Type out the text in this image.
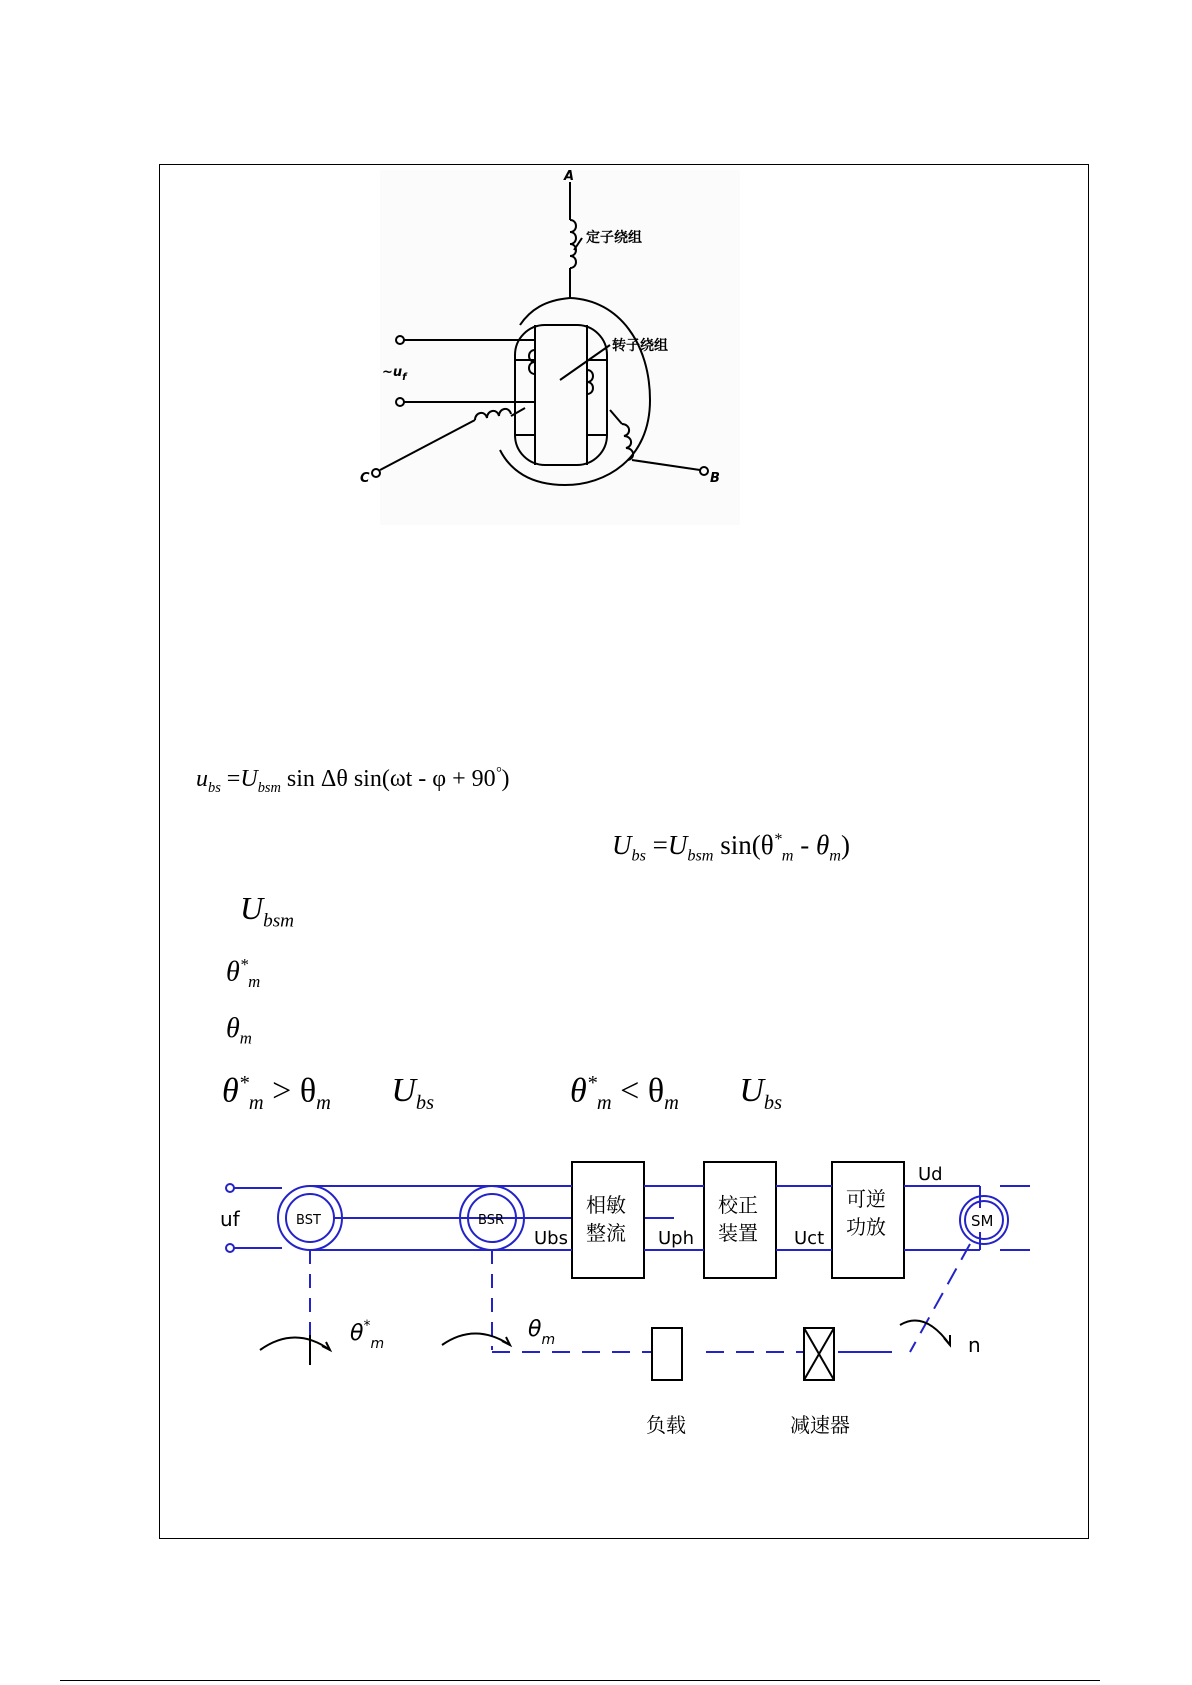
A
B
C
定子绕组
转子绕组
$\sim u_f$
$u_{bs} =U_{bsm}$ sin Δθ sin(ωt - φ + 90°)
$U_{bs} =U_{bsm}$ $\sin(\theta^*_m - \theta_m)$
$U_{bsm}$
$\theta^*_m$
$\theta_m$
$\theta^*_m > \theta_m$ $U_{bs}$	$\theta^*_m < \theta_m$ $U_{bs}$
uf	BST	BSR
Ubs
相敏
整流 Uph
校正
装置 Uct
可逆
功放
Ud
SM
$\theta^*_m$
$\theta_m$
负载	减速器
n
